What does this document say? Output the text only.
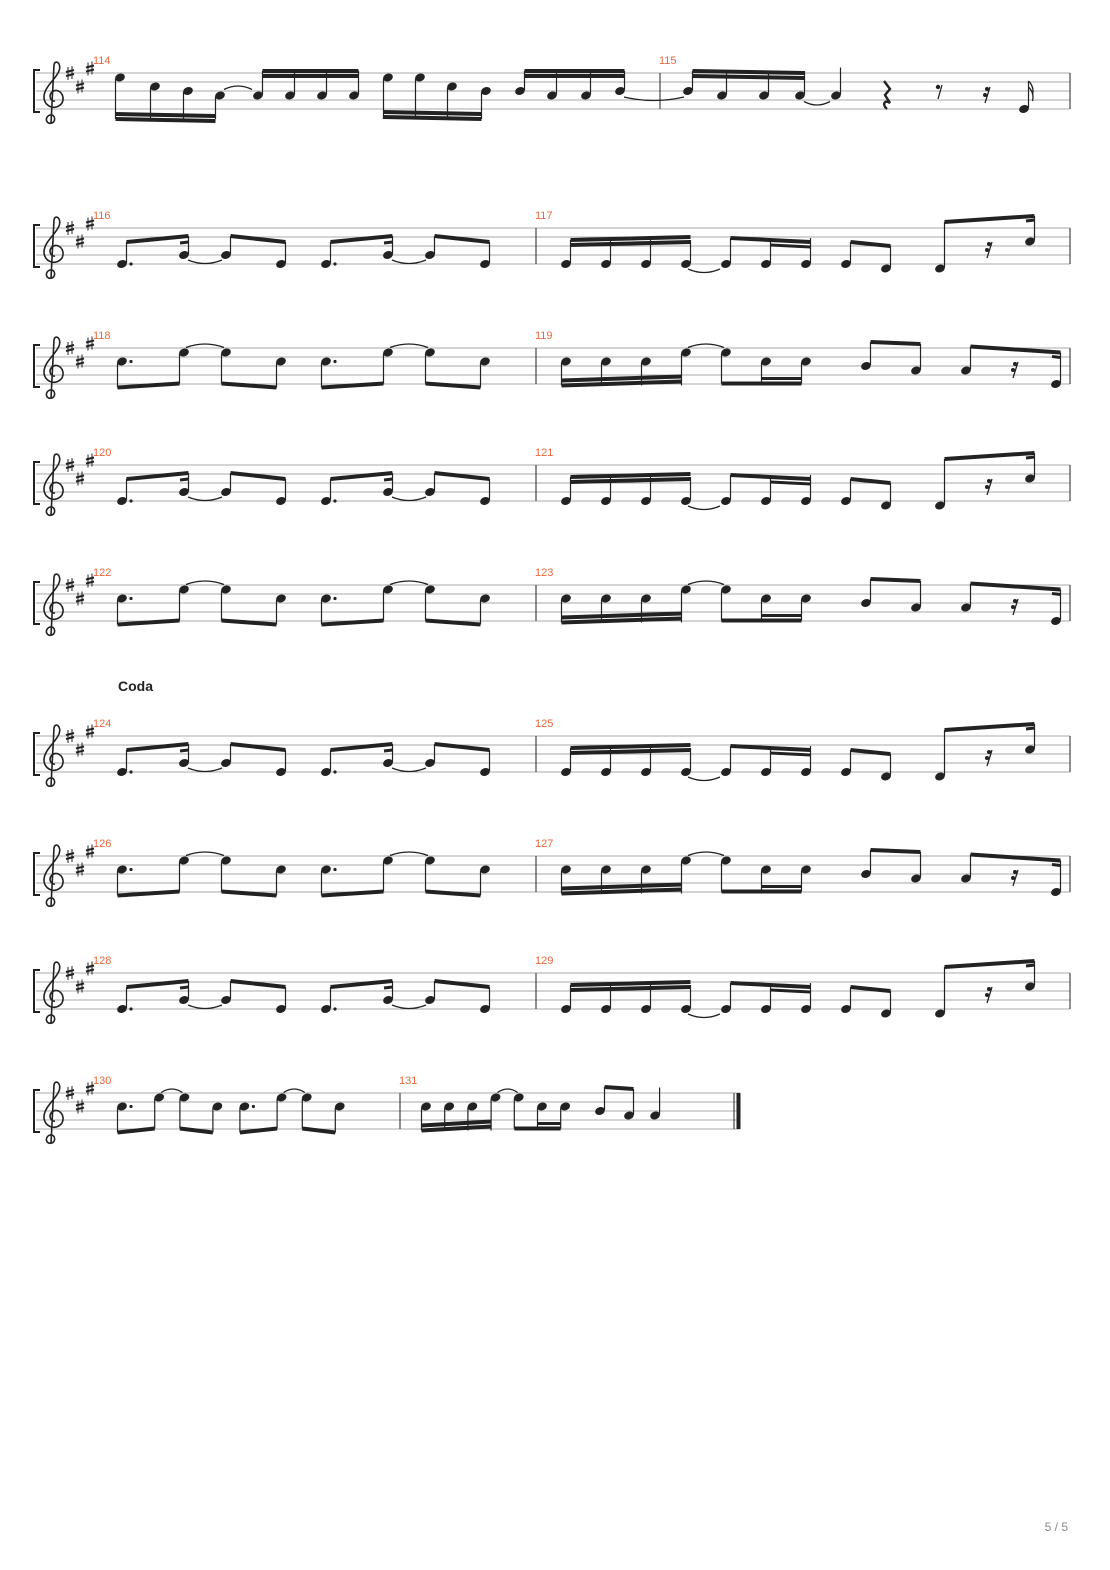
114	115
116	117
118	119
120	121
122	123
124	125
Coda
126	127
128	129
130	131
5 / 5
